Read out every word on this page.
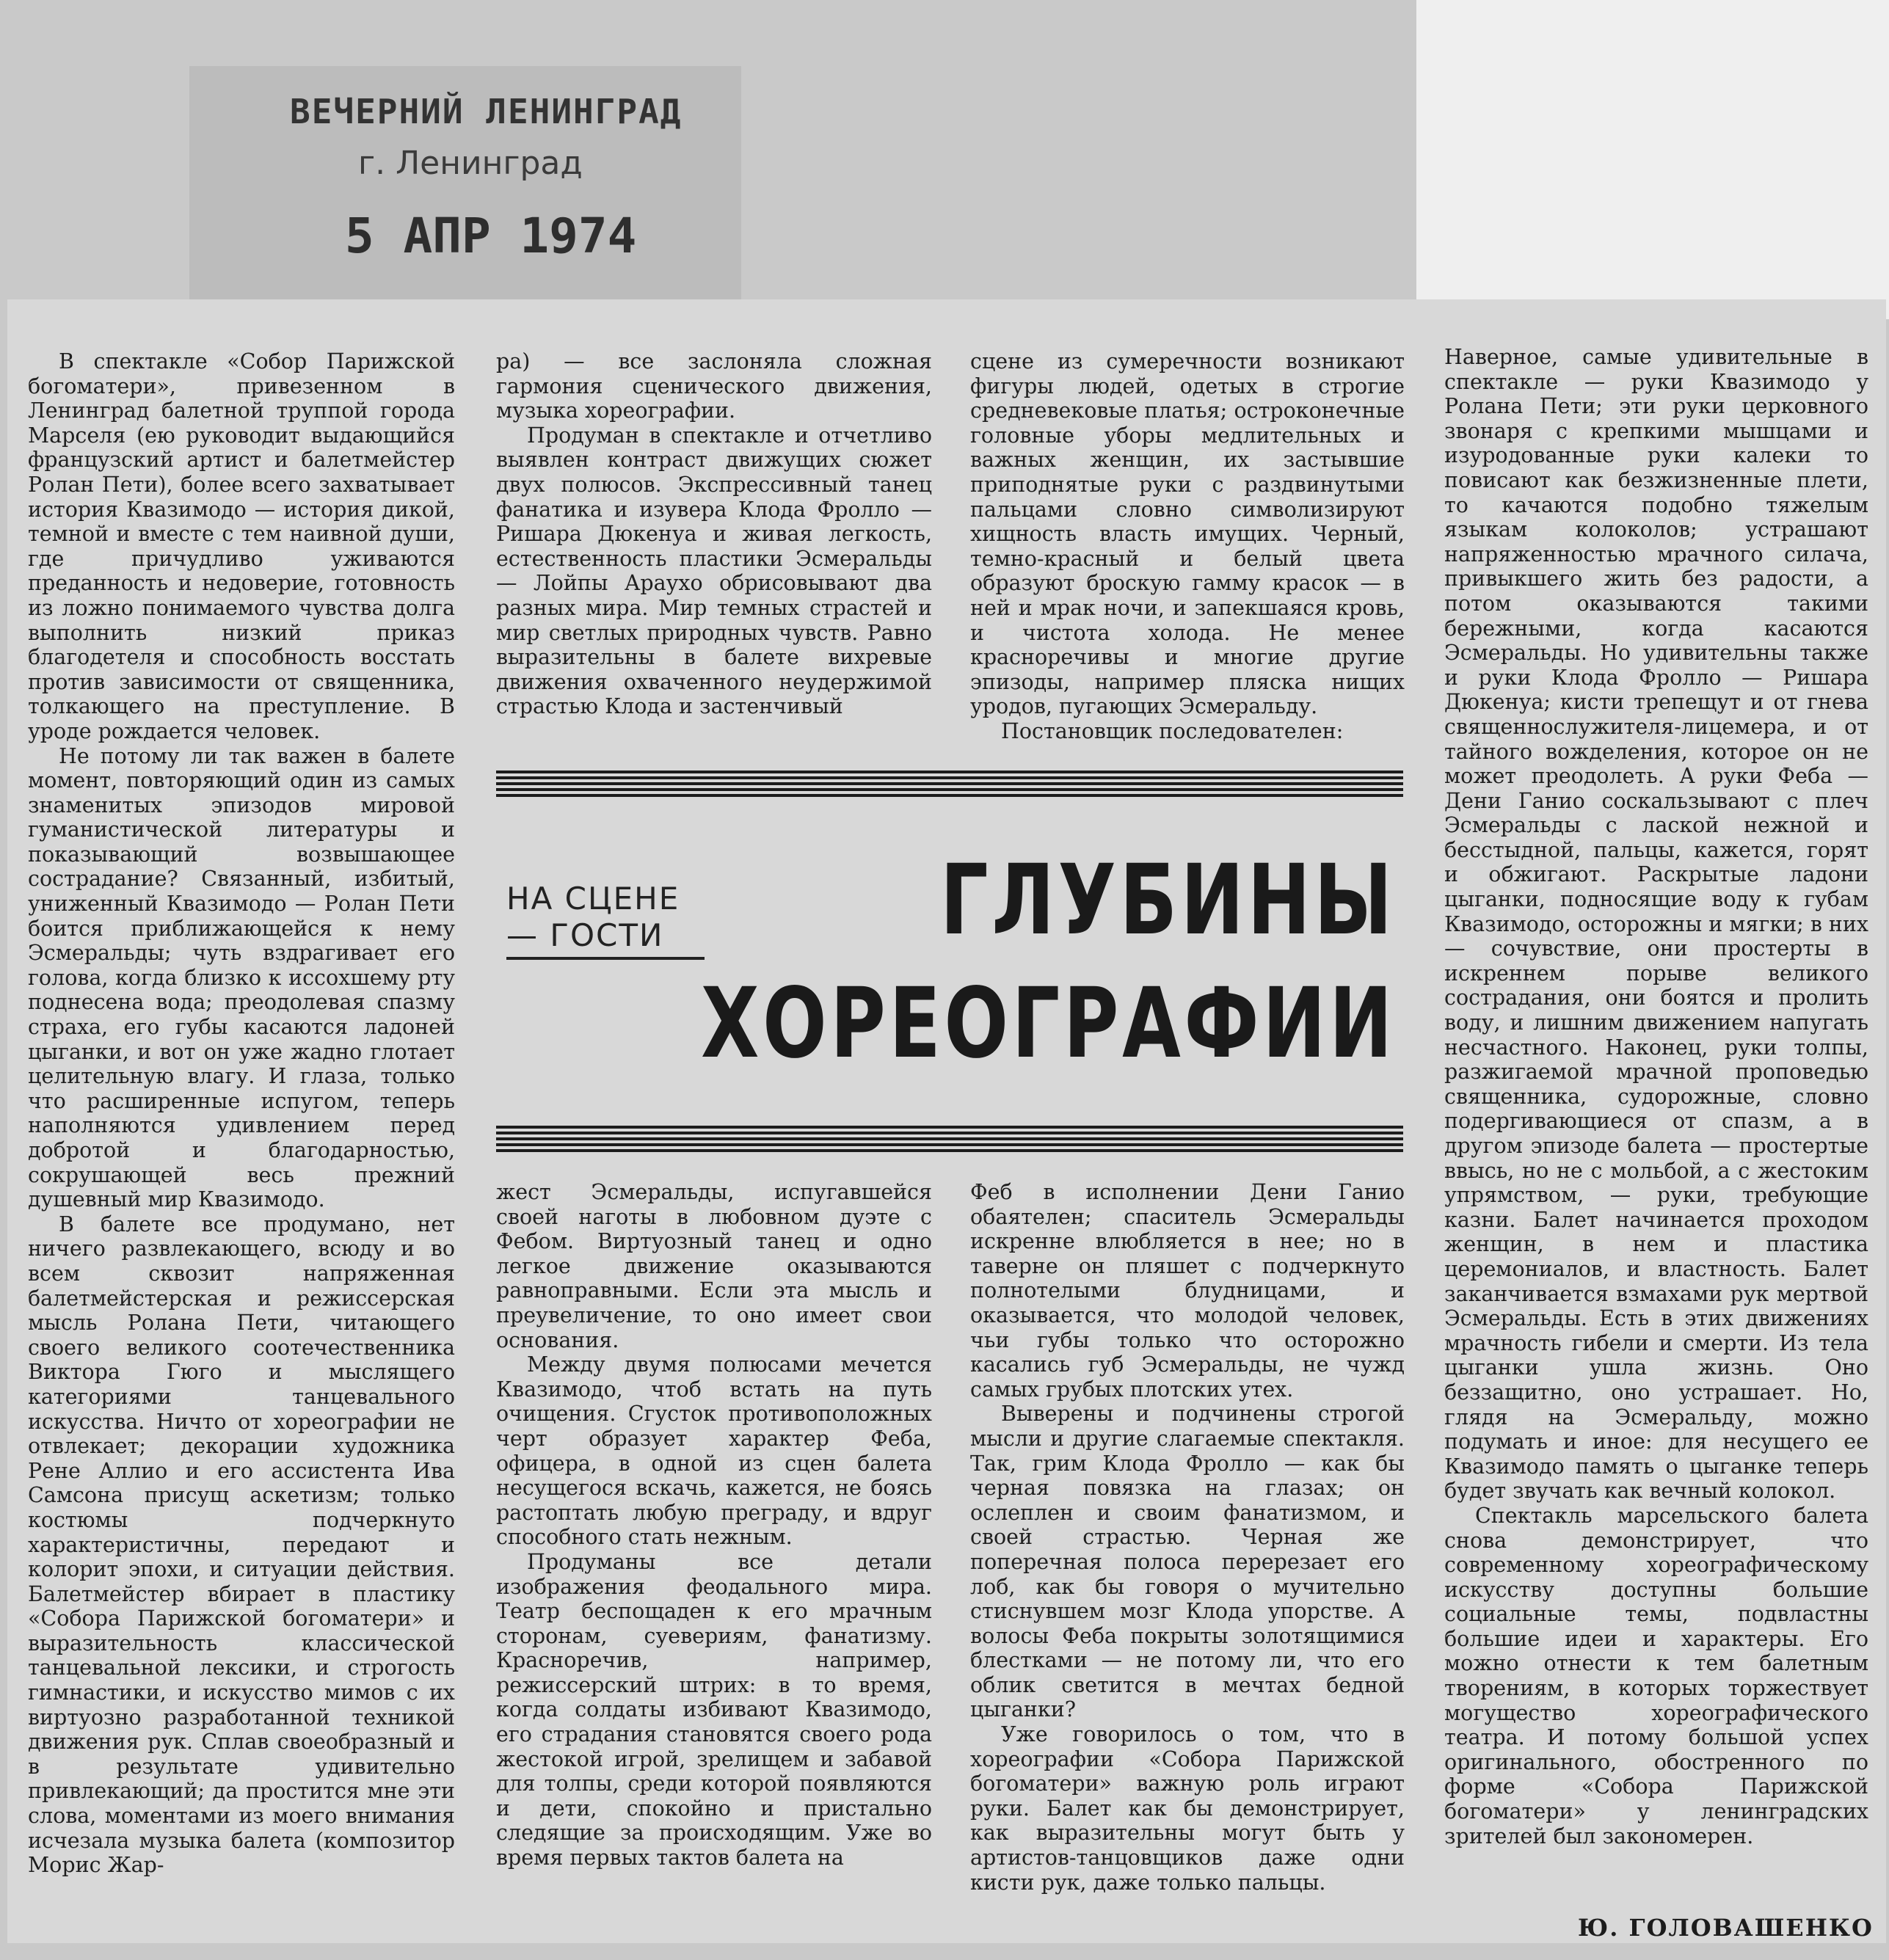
ВЕЧЕРНИЙ ЛЕНИНГРАД
г. Ленинград
5 АПР 1974

В спектакле «Собор Парижской богоматери», привезенном в Ленинград балетной труппой города Марселя (ею руководит выдающийся французский артист и балетмейстер Ролан Пети), более всего захватывает история Квазимодо — история дикой, темной и вместе с тем наивной души, где причудливо уживаются преданность и недоверие, готовность из ложно понимаемого чувства долга выполнить низкий приказ благодетеля и способность восстать против зависимости от священника, толкающего на преступление. В уроде рождается человек.

Не потому ли так важен в балете момент, повторяющий один из самых знаменитых эпизодов мировой гуманистической литературы и показывающий возвышающее сострадание? Связанный, избитый, униженный Квазимодо — Ролан Пети боится приближающейся к нему Эсмеральды; чуть вздрагивает его голова, когда близко к иссохшему рту поднесена вода; преодолевая спазму страха, его губы касаются ладоней цыганки, и вот он уже жадно глотает целительную влагу. И глаза, только что расширенные испугом, теперь наполняются удивлением перед добротой и благодарностью, сокрушающей весь прежний душевный мир Квазимодо.

В балете все продумано, нет ничего развлекающего, всюду и во всем сквозит напряженная балетмейстерская и режиссерская мысль Ролана Пети, читающего своего великого соотечественника Виктора Гюго и мыслящего категориями танцевального искусства. Ничто от хореографии не отвлекает; декорации художника Рене Аллио и его ассистента Ива Самсона присущ аскетизм; только костюмы подчеркнуто характеристичны, передают и колорит эпохи, и ситуации действия. Балетмейстер вбирает в пластику «Собора Парижской богоматери» и выразительность классической танцевальной лексики, и строгость гимнастики, и искусство мимов с их виртуозно разработанной техникой движения рук. Сплав своеобразный и в результате удивительно привлекающий; да простится мне эти слова, моментами из моего внимания исчезала музыка балета (композитор Морис Жар-

ра) — все заслоняла сложная гармония сценического движения, музыка хореографии.

Продуман в спектакле и отчетливо выявлен контраст движущих сюжет двух полюсов. Экспрессивный танец фанатика и изувера Клода Фролло — Ришара Дюкенуа и живая легкость, естественность пластики Эсмеральды — Лойпы Араухо обрисовывают два разных мира. Мир темных страстей и мир светлых природных чувств. Равно выразительны в балете вихревые движения охваченного неудержимой страстью Клода и застенчивый

сцене из сумеречности возникают фигуры людей, одетых в строгие средневековые платья; остроконечные головные уборы медлительных и важных женщин, их застывшие приподнятые руки с раздвинутыми пальцами словно символизируют хищность власть имущих. Черный, темно-красный и белый цвета образуют броскую гамму красок — в ней и мрак ночи, и запекшаяся кровь, и чистота холода. Не менее красноречивы и многие другие эпизоды, например пляска нищих уродов, пугающих Эсмеральду.

Постановщик последователен:

Наверное, самые удивительные в спектакле — руки Квазимодо у Ролана Пети; эти руки церковного звонаря с крепкими мышцами и изуродованные руки калеки то повисают как безжизненные плети, то качаются подобно тяжелым языкам колоколов; устрашают напряженностью мрачного силача, привыкшего жить без радости, а потом оказываются такими бережными, когда касаются Эсмеральды. Но удивительны также и руки Клода Фролло — Ришара Дюкенуа; кисти трепещут и от гнева священнослужителя-лицемера, и от тайного вожделения, которое он не может преодолеть. А руки Феба — Дени Ганио соскальзывают с плеч Эсмеральды с лаской нежной и бесстыдной, пальцы, кажется, горят и обжигают. Раскрытые ладони цыганки, подносящие воду к губам Квазимодо, осторожны и мягки; в них — сочувствие, они простерты в искреннем порыве великого сострадания, они боятся и пролить воду, и лишним движением напугать несчастного. Наконец, руки толпы, разжигаемой мрачной проповедью священника, судорожные, словно подергивающиеся от спазм, а в другом эпизоде балета — простертые ввысь, но не с мольбой, а с жестоким упрямством, — руки, требующие казни. Балет начинается проходом женщин, в нем и пластика церемониалов, и властность. Балет заканчивается взмахами рук мертвой Эсмеральды. Есть в этих движениях мрачность гибели и смерти. Из тела цыганки ушла жизнь. Оно беззащитно, оно устрашает. Но, глядя на Эсмеральду, можно подумать и иное: для несущего ее Квазимодо память о цыганке теперь будет звучать как вечный колокол.

Спектакль марсельского балета снова демонстрирует, что современному хореографическому искусству доступны большие социальные темы, подвластны большие идеи и характеры. Его можно отнести к тем балетным творениям, в которых торжествует могущество хореографического театра. И потому большой успех оригинального, обостренного по форме «Собора Парижской богоматери» у ленинградских зрителей был закономерен.

НА СЦЕНЕ — ГОСТИ	ГЛУБИНЫ
ХОРЕОГРАФИИ

жест Эсмеральды, испугавшейся своей наготы в любовном дуэте с Фебом. Виртуозный танец и одно легкое движение оказываются равноправными. Если эта мысль и преувеличение, то оно имеет свои основания.

Между двумя полюсами мечется Квазимодо, чтоб встать на путь очищения. Сгусток противоположных черт образует характер Феба, офицера, в одной из сцен балета несущегося вскачь, кажется, не боясь растоптать любую преграду, и вдруг способного стать нежным.

Продуманы все детали изображения феодального мира. Театр беспощаден к его мрачным сторонам, суевериям, фанатизму. Красноречив, например, режиссерский штрих: в то время, когда солдаты избивают Квазимодо, его страдания становятся своего рода жестокой игрой, зрелищем и забавой для толпы, среди которой появляются и дети, спокойно и пристально следящие за происходящим. Уже во время первых тактов балета на

Феб в исполнении Дени Ганио обаятелен; спаситель Эсмеральды искренне влюбляется в нее; но в таверне он пляшет с подчеркнуто полнотелыми блудницами, и оказывается, что молодой человек, чьи губы только что осторожно касались губ Эсмеральды, не чужд самых грубых плотских утех.

Выверены и подчинены строгой мысли и другие слагаемые спектакля. Так, грим Клода Фролло — как бы черная повязка на глазах; он ослеплен и своим фанатизмом, и своей страстью. Черная же поперечная полоса перерезает его лоб, как бы говоря о мучительно стиснувшем мозг Клода упорстве. А волосы Феба покрыты золотящимися блестками — не потому ли, что его облик светится в мечтах бедной цыганки?

Уже говорилось о том, что в хореографии «Собора Парижской богоматери» важную роль играют руки. Балет как бы демонстрирует, как выразительны могут быть у артистов-танцовщиков даже одни кисти рук, даже только пальцы.

Ю. ГОЛОВАШЕНКО
